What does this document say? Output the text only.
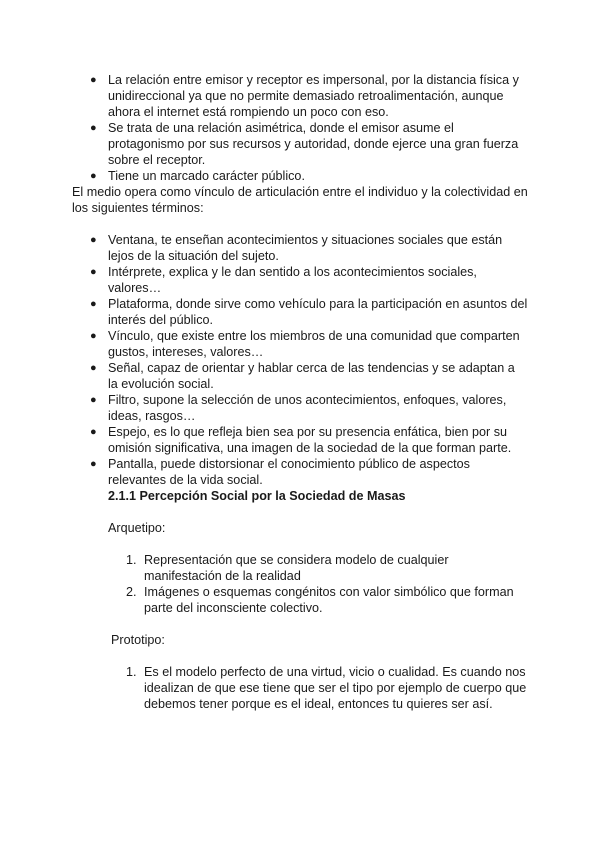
● La relación entre emisor y receptor es impersonal, por la distancia física y unidireccional ya que no permite demasiado retroalimentación, aunque ahora el internet está rompiendo un poco con eso.
● Se trata de una relación asimétrica, donde el emisor asume el protagonismo por sus recursos y autoridad, donde ejerce una gran fuerza sobre el receptor.
● Tiene un marcado carácter público.

El medio opera como vínculo de articulación entre el individuo y la colectividad en los siguientes términos:

● Ventana, te enseñan acontecimientos y situaciones sociales que están lejos de la situación del sujeto.
● Intérprete, explica y le dan sentido a los acontecimientos sociales, valores…
● Plataforma, donde sirve como vehículo para la participación en asuntos del interés del público.
● Vínculo, que existe entre los miembros de una comunidad que comparten gustos, intereses, valores…
● Señal, capaz de orientar y hablar cerca de las tendencias y se adaptan a la evolución social.
● Filtro, supone la selección de unos acontecimientos, enfoques, valores, ideas, rasgos…
● Espejo, es lo que refleja bien sea por su presencia enfática, bien por su omisión significativa, una imagen de la sociedad de la que forman parte.
● Pantalla, puede distorsionar el conocimiento público de aspectos relevantes de la vida social.
2.1.1 Percepción Social por la Sociedad de Masas
Arquetipo:
1. Representación que se considera modelo de cualquier manifestación de la realidad
2. Imágenes o esquemas congénitos con valor simbólico que forman parte del inconsciente colectivo.
Prototipo:
1. Es el modelo perfecto de una virtud, vicio o cualidad. Es cuando nos idealizan de que ese tiene que ser el tipo por ejemplo de cuerpo que debemos tener porque es el ideal, entonces tu quieres ser así.
